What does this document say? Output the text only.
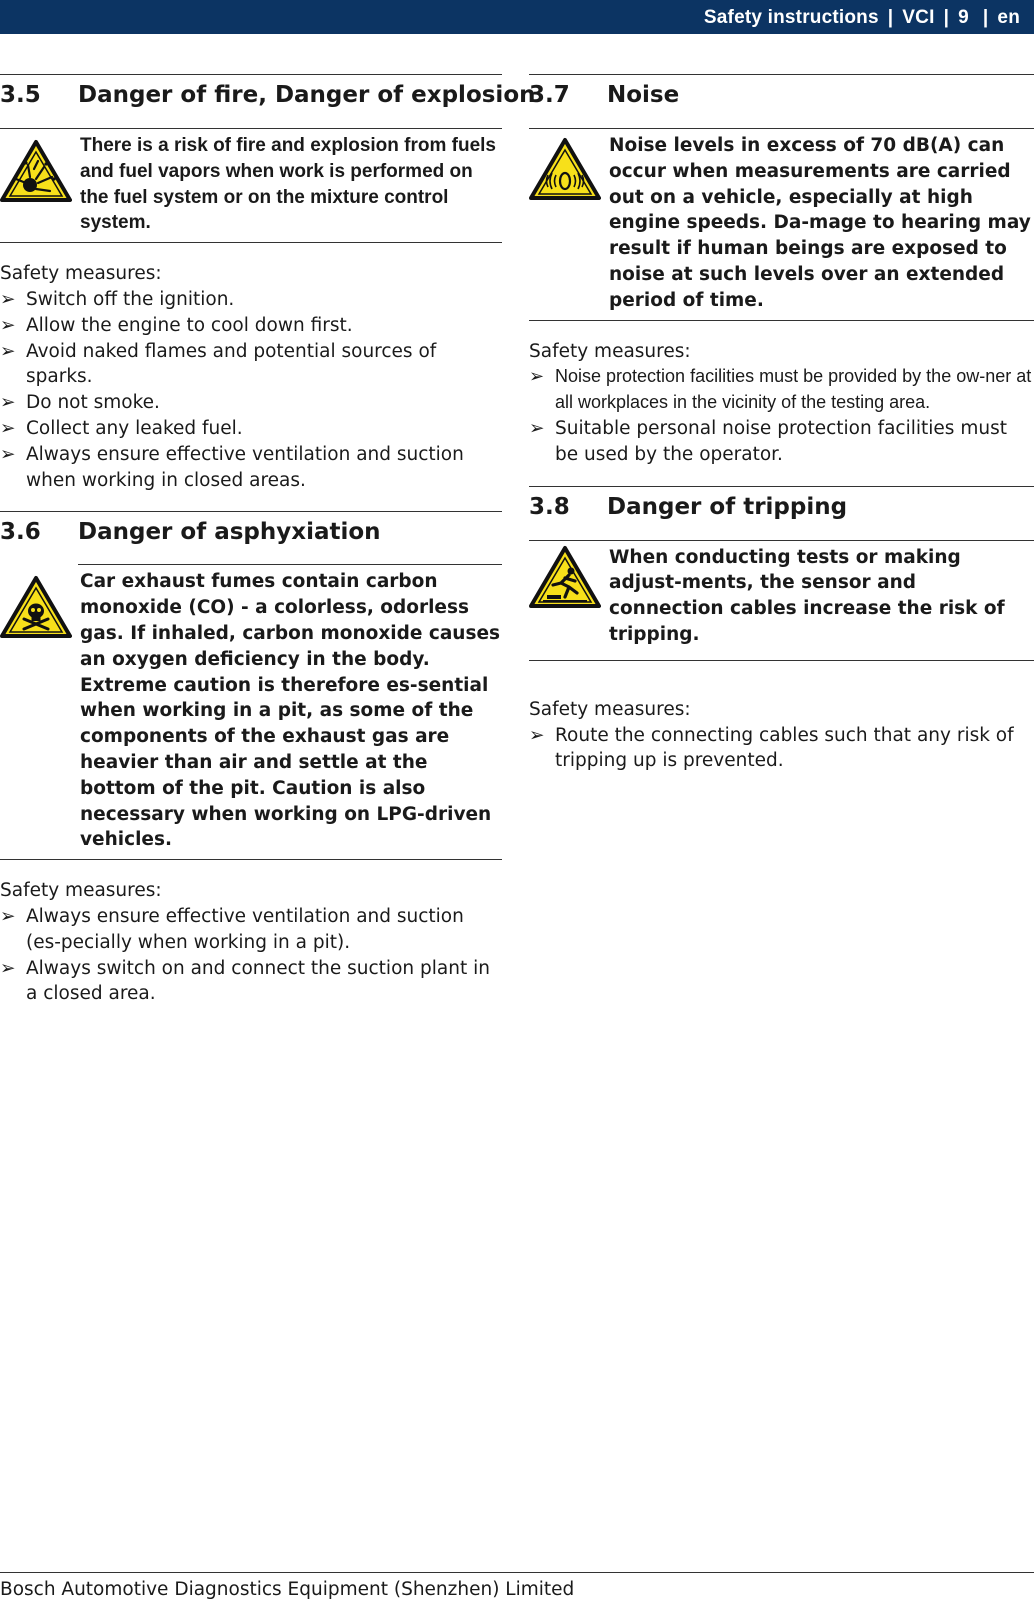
Safety instructions | VCI | 9 | en
3.5 Danger of fire, Danger of explosion
There is a risk of fire and explosion from fuels and fuel vapors when work is performed on the fuel system or on the mixture control system.
Safety measures:
➢ Switch off the ignition.
➢ Allow the engine to cool down first.
➢ Avoid naked flames and potential sources of sparks.
➢ Do not smoke.
➢ Collect any leaked fuel.
➢ Always ensure effective ventilation and suction when working in closed areas.
3.6 Danger of asphyxiation
Car exhaust fumes contain carbon monoxide (CO) - a colorless, odorless gas. If inhaled, carbon monoxide causes an oxygen deficiency in the body. Extreme caution is therefore es-sential when working in a pit, as some of the components of the exhaust gas are heavier than air and settle at the bottom of the pit. Caution is also necessary when working on LPG-driven vehicles.
Safety measures:
➢ Always ensure effective ventilation and suction (es-pecially when working in a pit).
➢ Always switch on and connect the suction plant in a closed area.
3.7 Noise
Noise levels in excess of 70 dB(A) can occur when measurements are carried out on a vehicle, especially at high engine speeds. Da-mage to hearing may result if human beings are exposed to noise at such levels over an extended period of time.
Safety measures:
➢ Noise protection facilities must be provided by the ow-ner at all workplaces in the vicinity of the testing area.
➢ Suitable personal noise protection facilities must be used by the operator.
3.8 Danger of tripping
When conducting tests or making adjust-ments, the sensor and connection cables increase the risk of tripping.
Safety measures:
➢ Route the connecting cables such that any risk of tripping up is prevented.
Bosch Automotive Diagnostics Equipment (Shenzhen) Limited
